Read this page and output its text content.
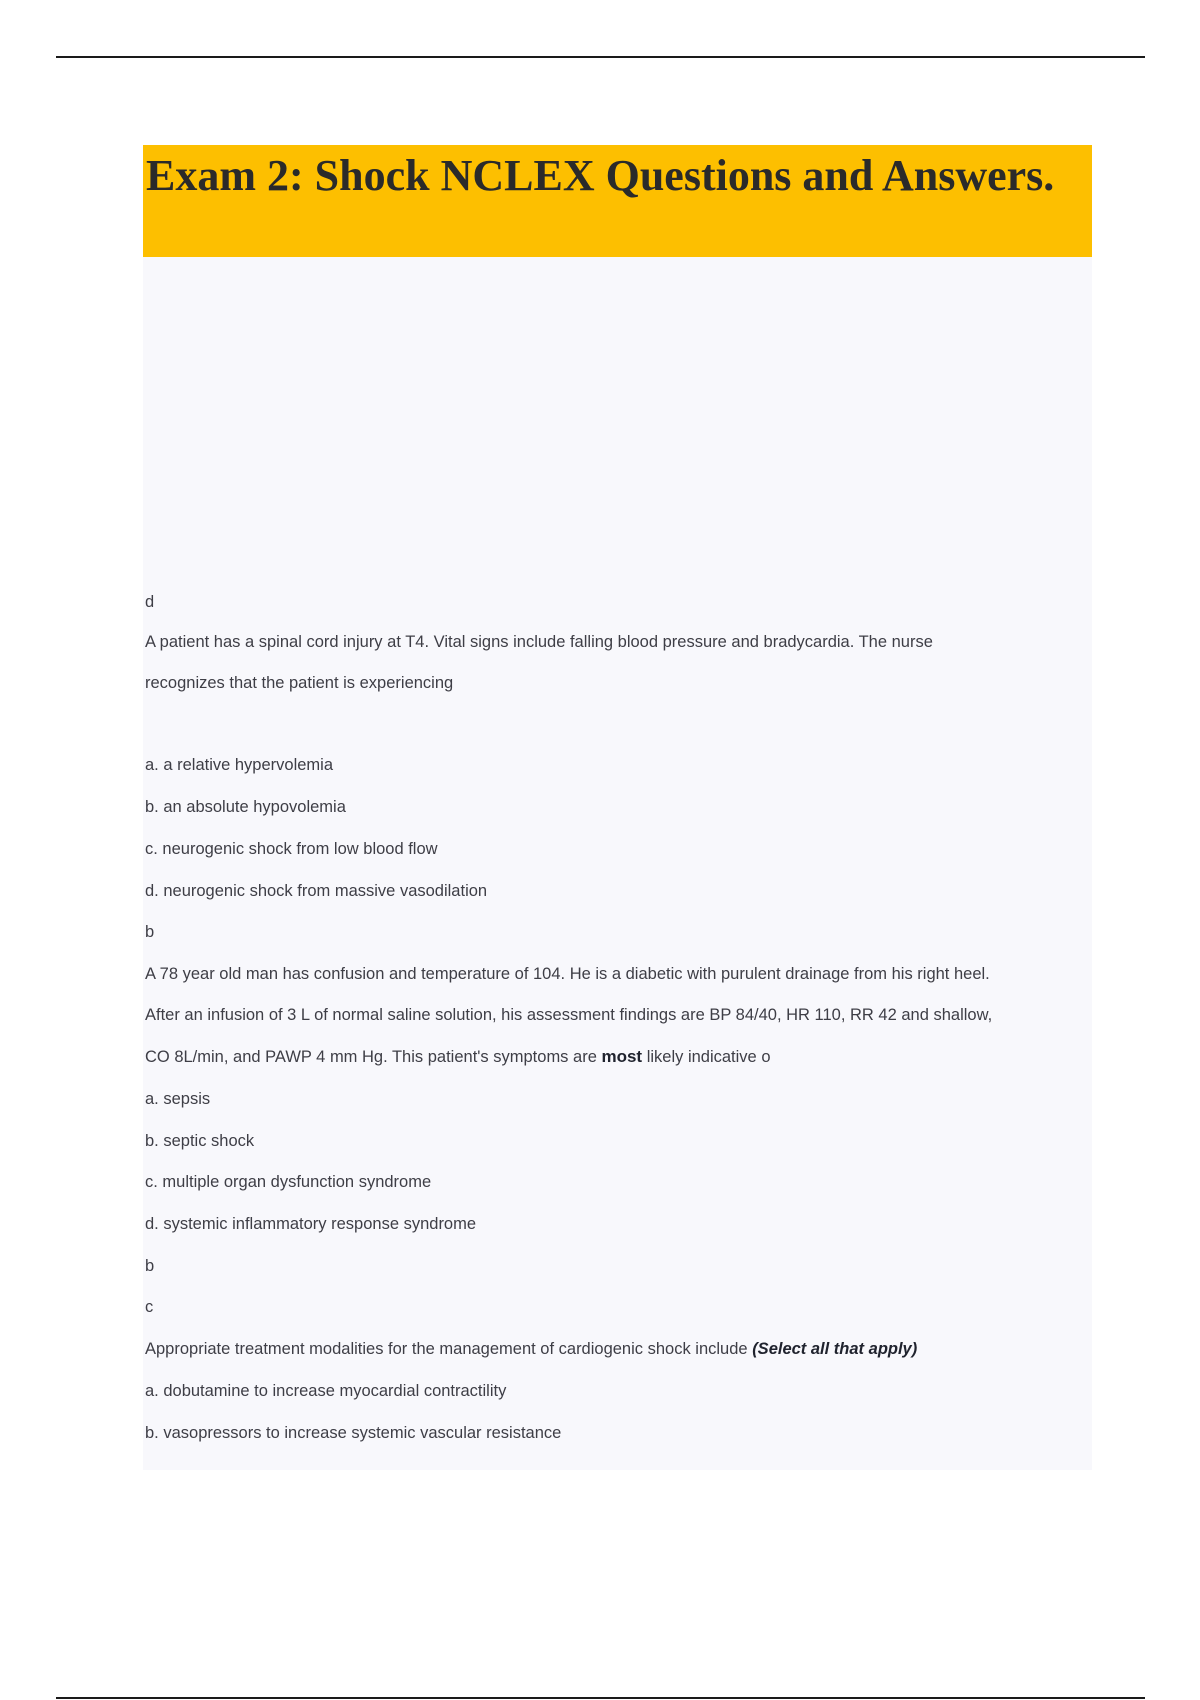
Exam 2: Shock NCLEX Questions and Answers.
d
A patient has a spinal cord injury at T4. Vital signs include falling blood pressure and bradycardia. The nurse
recognizes that the patient is experiencing
a. a relative hypervolemia
b. an absolute hypovolemia
c. neurogenic shock from low blood flow
d. neurogenic shock from massive vasodilation
b
A 78 year old man has confusion and temperature of 104. He is a diabetic with purulent drainage from his right heel.
After an infusion of 3 L of normal saline solution, his assessment findings are BP 84/40, HR 110, RR 42 and shallow,
CO 8L/min, and PAWP 4 mm Hg. This patient's symptoms are most likely indicative o
a. sepsis
b. septic shock
c. multiple organ dysfunction syndrome
d. systemic inflammatory response syndrome
b
c
Appropriate treatment modalities for the management of cardiogenic shock include (Select all that apply)
a. dobutamine to increase myocardial contractility
b. vasopressors to increase systemic vascular resistance
